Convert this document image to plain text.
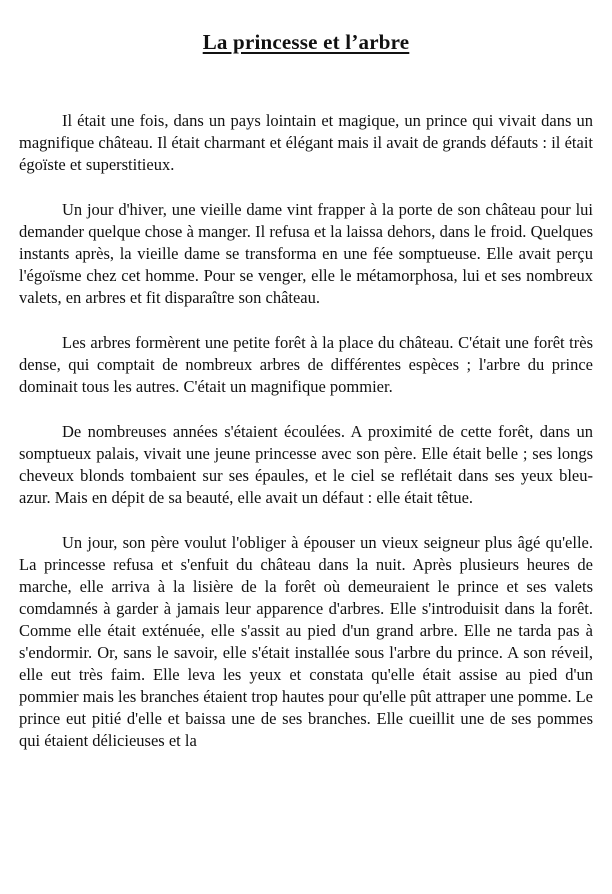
La princesse et l’arbre

Il était une fois, dans un pays lointain et magique, un prince qui vivait dans un magnifique château. Il était charmant et élégant mais il avait de grands défauts : il était égoïste et superstitieux.

Un jour d'hiver, une vieille dame vint frapper à la porte de son château pour lui demander quelque chose à manger. Il refusa et la laissa dehors, dans le froid. Quelques instants après, la vieille dame se transforma en une fée somptueuse. Elle avait perçu l'égoïsme chez cet homme. Pour se venger, elle le métamorphosa, lui et ses nombreux valets, en arbres et fit disparaître son château.

Les arbres formèrent une petite forêt à la place du château. C'était une forêt très dense, qui comptait de nombreux arbres de différentes espèces ; l'arbre du prince dominait tous les autres. C'était un magnifique pommier.

De nombreuses années s'étaient écoulées. A proximité de cette forêt, dans un somptueux palais, vivait une jeune princesse avec son père. Elle était belle ; ses longs cheveux blonds tombaient sur ses épaules, et le ciel se reflétait dans ses yeux bleu-azur. Mais en dépit de sa beauté, elle avait un défaut : elle était têtue.

Un jour, son père voulut l'obliger à épouser un vieux seigneur plus âgé qu'elle. La princesse refusa et s'enfuit du château dans la nuit. Après plusieurs heures de marche, elle arriva à la lisière de la forêt où demeuraient le prince et ses valets comdamnés à garder à jamais leur apparence d'arbres. Elle s'introduisit dans la forêt. Comme elle était exténuée, elle s'assit au pied d'un grand arbre. Elle ne tarda pas à s'endormir. Or, sans le savoir, elle s'était installée sous l'arbre du prince. A son réveil, elle eut très faim. Elle leva les yeux et constata qu'elle était assise au pied d'un pommier mais les branches étaient trop hautes pour qu'elle pût attraper une pomme. Le prince eut pitié d'elle et baissa une de ses branches. Elle cueillit une de ses pommes qui étaient délicieuses et la
